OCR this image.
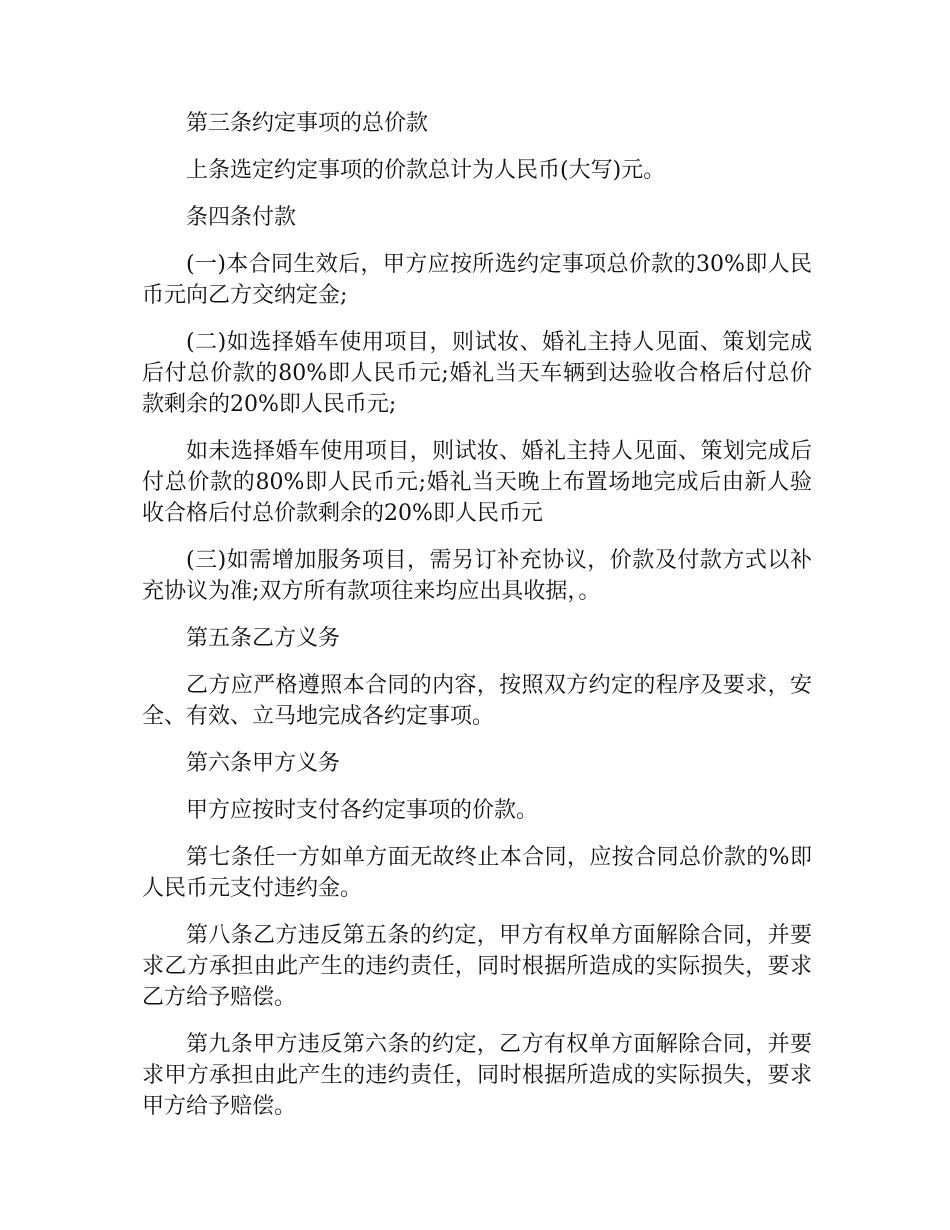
第三条约定事项的总价款

上条选定约定事项的价款总计为人民币(大写)元。

条四条付款

(一)本合同生效后，甲方应按所选约定事项总价款的30%即人民币元向乙方交纳定金;

(二)如选择婚车使用项目，则试妆、婚礼主持人见面、策划完成后付总价款的80%即人民币元;婚礼当天车辆到达验收合格后付总价款剩余的20%即人民币元;

如未选择婚车使用项目，则试妆、婚礼主持人见面、策划完成后付总价款的80%即人民币元;婚礼当天晚上布置场地完成后由新人验收合格后付总价款剩余的20%即人民币元

(三)如需增加服务项目，需另订补充协议，价款及付款方式以补充协议为准;双方所有款项往来均应出具收据，。

第五条乙方义务

乙方应严格遵照本合同的内容，按照双方约定的程序及要求，安全、有效、立马地完成各约定事项。

第六条甲方义务

甲方应按时支付各约定事项的价款。

第七条任一方如单方面无故终止本合同，应按合同总价款的%即人民币元支付违约金。

第八条乙方违反第五条的约定，甲方有权单方面解除合同，并要求乙方承担由此产生的违约责任，同时根据所造成的实际损失，要求乙方给予赔偿。

第九条甲方违反第六条的约定，乙方有权单方面解除合同，并要求甲方承担由此产生的违约责任，同时根据所造成的实际损失，要求甲方给予赔偿。
